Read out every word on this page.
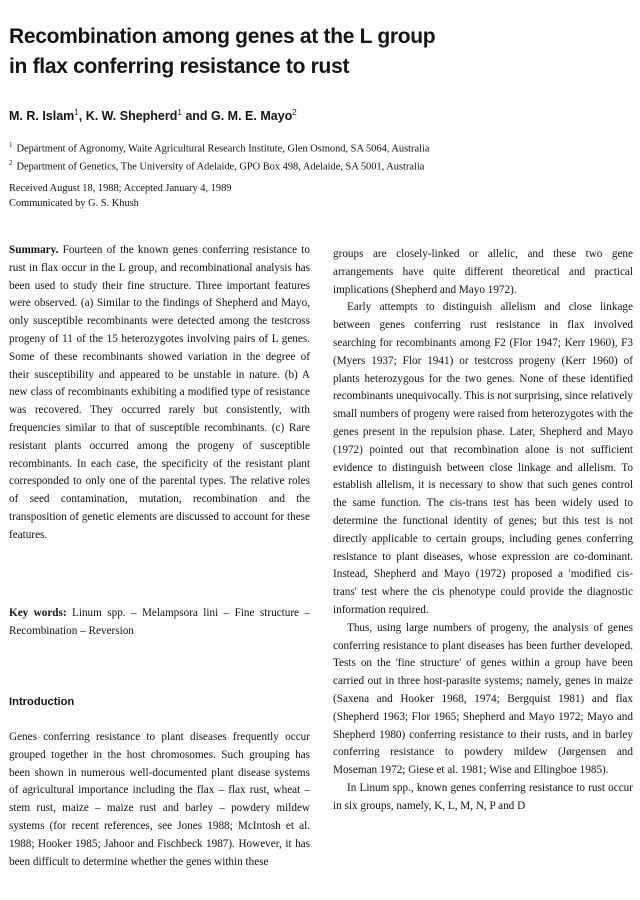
Recombination among genes at the L group
in flax conferring resistance to rust

M. R. Islam$^1$, K. W. Shepherd$^1$ and G. M. E. Mayo$^2$

$^1$ Department of Agronomy, Waite Agricultural Research Institute, Glen Osmond, SA 5064, Australia
$^2$ Department of Genetics, The University of Adelaide, GPO Box 498, Adelaide, SA 5001, Australia
Received August 18, 1988; Accepted January 4, 1989
Communicated by G. S. Khush

Summary. Fourteen of the known genes conferring resistance to rust in flax occur in the L group, and recombinational analysis has been used to study their fine structure. Three important features were observed. (a) Similar to the findings of Shepherd and Mayo, only susceptible recombinants were detected among the testcross progeny of 11 of the 15 heterozygotes involving pairs of L genes. Some of these recombinants showed variation in the degree of their susceptibility and appeared to be unstable in nature. (b) A new class of recombinants exhibiting a modified type of resistance was recovered. They occurred rarely but consistently, with frequencies similar to that of susceptible recombinants. (c) Rare resistant plants occurred among the progeny of susceptible recombinants. In each case, the specificity of the resistant plant corresponded to only one of the parental types. The relative roles of seed contamination, mutation, recombination and the transposition of genetic elements are discussed to account for these features.

Key words: Linum spp. – Melampsora lini – Fine structure – Recombination – Reversion

Introduction

Genes conferring resistance to plant diseases frequently occur grouped together in the host chromosomes. Such grouping has been shown in numerous well-documented plant disease systems of agricultural importance including the flax – flax rust, wheat – stem rust, maize – maize rust and barley – powdery mildew systems (for recent references, see Jones 1988; McIntosh et al. 1988; Hooker 1985; Jahoor and Fischbeck 1987). However, it has been difficult to determine whether the genes within these

groups are closely-linked or allelic, and these two gene arrangements have quite different theoretical and practical implications (Shepherd and Mayo 1972).

Early attempts to distinguish allelism and close linkage between genes conferring rust resistance in flax involved searching for recombinants among F2 (Flor 1947; Kerr 1960), F3 (Myers 1937; Flor 1941) or testcross progeny (Kerr 1960) of plants heterozygous for the two genes. None of these identified recombinants unequivocally. This is not surprising, since relatively small numbers of progeny were raised from heterozygotes with the genes present in the repulsion phase. Later, Shepherd and Mayo (1972) pointed out that recombination alone is not sufficient evidence to distinguish between close linkage and allelism. To establish allelism, it is necessary to show that such genes control the same function. The cis-trans test has been widely used to determine the functional identity of genes; but this test is not directly applicable to certain groups, including genes conferring resistance to plant diseases, whose expression are co-dominant. Instead, Shepherd and Mayo (1972) proposed a 'modified cis-trans' test where the cis phenotype could provide the diagnostic information required.

Thus, using large numbers of progeny, the analysis of genes conferring resistance to plant diseases has been further developed. Tests on the 'fine structure' of genes within a group have been carried out in three host-parasite systems; namely, genes in maize (Saxena and Hooker 1968, 1974; Bergquist 1981) and flax (Shepherd 1963; Flor 1965; Shepherd and Mayo 1972; Mayo and Shepherd 1980) conferring resistance to their rusts, and in barley conferring resistance to powdery mildew (Jørgensen and Moseman 1972; Giese et al. 1981; Wise and Ellingboe 1985).

In Linum spp., known genes conferring resistance to rust occur in six groups, namely, K, L, M, N, P and D
